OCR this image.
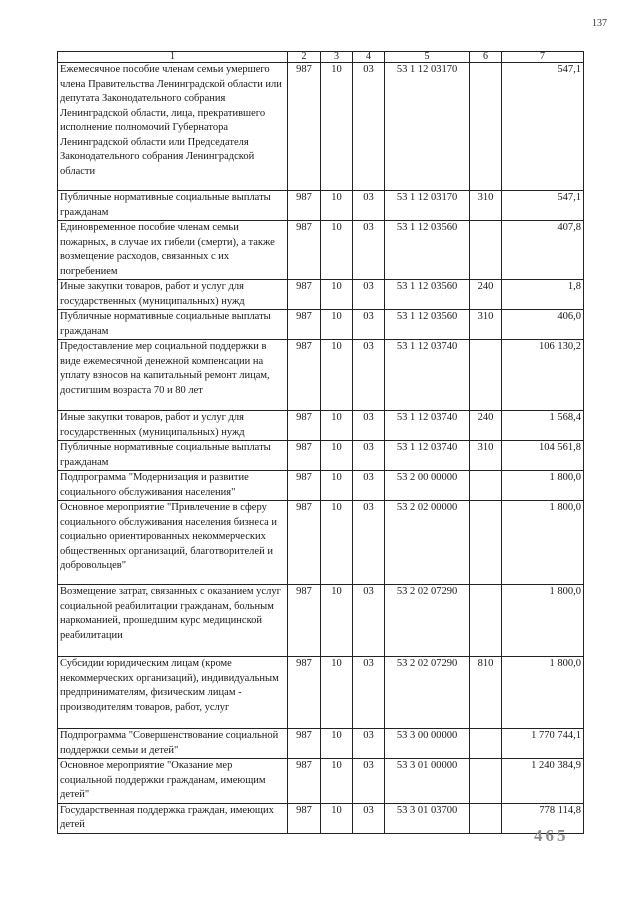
137
1	2	3	4	5	6	7
Ежемесячное пособие членам семьи умершего члена Правительства Ленинградской области или депутата Законодательного собрания Ленинградской области, лица, прекратившего исполнение полномочий Губернатора Ленинградской области или Председателя Законодательного собрания Ленинградской области	987	10	03	53 1 12 03170		547,1
Публичные нормативные социальные выплаты гражданам	987	10	03	53 1 12 03170	310	547,1
Единовременное пособие членам семьи пожарных, в случае их гибели (смерти), а также возмещение расходов, связанных с их погребением	987	10	03	53 1 12 03560		407,8
Иные закупки товаров, работ и услуг для государственных (муниципальных) нужд	987	10	03	53 1 12 03560	240	1,8
Публичные нормативные социальные выплаты гражданам	987	10	03	53 1 12 03560	310	406,0
Предоставление мер социальной поддержки в виде ежемесячной денежной компенсации на уплату взносов на капитальный ремонт лицам, достигшим возраста 70 и 80 лет	987	10	03	53 1 12 03740		106 130,2
Иные закупки товаров, работ и услуг для государственных (муниципальных) нужд	987	10	03	53 1 12 03740	240	1 568,4
Публичные нормативные социальные выплаты гражданам	987	10	03	53 1 12 03740	310	104 561,8
Подпрограмма "Модернизация и развитие социального обслуживания населения"	987	10	03	53 2 00 00000		1 800,0
Основное мероприятие "Привлечение в сферу социального обслуживания населения бизнеса и социально ориентированных некоммерческих общественных организаций, благотворителей и добровольцев"	987	10	03	53 2 02 00000		1 800,0
Возмещение затрат, связанных с оказанием услуг социальной реабилитации гражданам, больным наркоманией, прошедшим курс медицинской реабилитации	987	10	03	53 2 02 07290		1 800,0
Субсидии юридическим лицам (кроме некоммерческих организаций), индивидуальным предпринимателям, физическим лицам - производителям товаров, работ, услуг	987	10	03	53 2 02 07290	810	1 800,0
Подпрограмма "Совершенствование социальной поддержки семьи и детей"	987	10	03	53 3 00 00000		1 770 744,1
Основное мероприятие "Оказание мер социальной поддержки гражданам, имеющим детей"	987	10	03	53 3 01 00000		1 240 384,9
Государственная поддержка граждан, имеющих детей	987	10	03	53 3 01 03700		778 114,8
465
